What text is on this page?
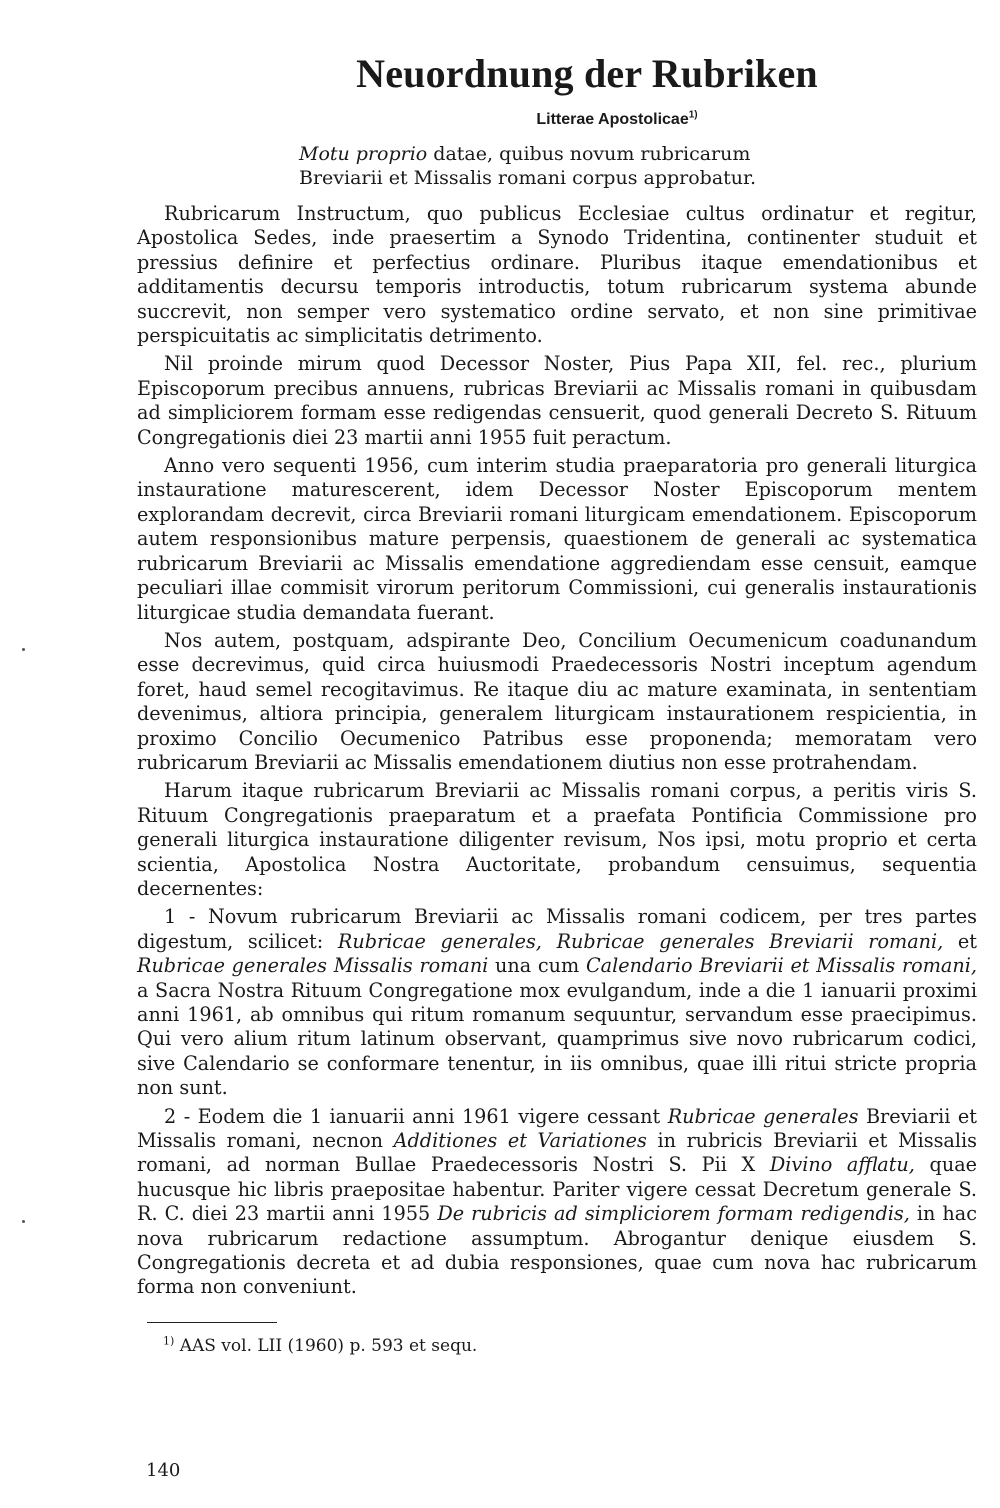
Neuordnung der Rubriken
Litterae Apostolicae$^{1)}$

Motu proprio datae, quibus novum rubricarum

Breviarii et Missalis romani corpus approbatur.

Rubricarum Instructum, quo publicus Ecclesiae cultus ordinatur et regitur, Apostolica Sedes, inde praesertim a Synodo Tridentina, continenter studuit et pressius definire et perfectius ordinare. Pluribus itaque emendationibus et additamentis decursu temporis introductis, totum rubricarum systema abunde succrevit, non semper vero systematico ordine servato, et non sine primitivae perspicuitatis ac simplicitatis detrimento.

Nil proinde mirum quod Decessor Noster, Pius Papa XII, fel. rec., plurium Episcoporum precibus annuens, rubricas Breviarii ac Missalis romani in quibusdam ad simpliciorem formam esse redigendas censuerit, quod generali Decreto S. Rituum Congregationis diei 23 martii anni 1955 fuit peractum.

Anno vero sequenti 1956, cum interim studia praeparatoria pro generali liturgica instauratione maturescerent, idem Decessor Noster Episcoporum mentem explorandam decrevit, circa Breviarii romani liturgicam emendationem. Episcoporum autem responsionibus mature perpensis, quaestionem de generali ac systematica rubricarum Breviarii ac Missalis emendatione aggrediendam esse censuit, eamque peculiari illae commisit virorum peritorum Commissioni, cui generalis instaurationis liturgicae studia demandata fuerant.

Nos autem, postquam, adspirante Deo, Concilium Oecumenicum coadunandum esse decrevimus, quid circa huiusmodi Praedecessoris Nostri inceptum agendum foret, haud semel recogitavimus. Re itaque diu ac mature examinata, in sententiam devenimus, altiora principia, generalem liturgicam instaurationem respicientia, in proximo Concilio Oecumenico Patribus esse proponenda; memoratam vero rubricarum Breviarii ac Missalis emendationem diutius non esse protrahendam.

Harum itaque rubricarum Breviarii ac Missalis romani corpus, a peritis viris S. Rituum Congregationis praeparatum et a praefata Pontificia Commissione pro generali liturgica instauratione diligenter revisum, Nos ipsi, motu proprio et certa scientia, Apostolica Nostra Auctoritate, probandum censuimus, sequentia decernentes:

1 - Novum rubricarum Breviarii ac Missalis romani codicem, per tres partes digestum, scilicet: Rubricae generales, Rubricae generales Breviarii romani, et Rubricae generales Missalis romani una cum Calendario Breviarii et Missalis romani, a Sacra Nostra Rituum Congregatione mox evulgandum, inde a die 1 ianuarii proximi anni 1961, ab omnibus qui ritum romanum sequuntur, servandum esse praecipimus. Qui vero alium ritum latinum observant, quamprimus sive novo rubricarum codici, sive Calendario se conformare tenentur, in iis omnibus, quae illi ritui stricte propria non sunt.

2 - Eodem die 1 ianuarii anni 1961 vigere cessant Rubricae generales Breviarii et Missalis romani, necnon Additiones et Variationes in rubricis Breviarii et Missalis romani, ad norman Bullae Praedecessoris Nostri S. Pii X Divino afflatu, quae hucusque hic libris praepositae habentur. Pariter vigere cessat Decretum generale S. R. C. diei 23 martii anni 1955 De rubricis ad simpliciorem formam redigendis, in hac nova rubricarum redactione assumptum. Abrogantur denique eiusdem S. Congregationis decreta et ad dubia responsiones, quae cum nova hac rubricarum forma non conveniunt.

$^{1)}$ AAS vol. LII (1960) p. 593 et sequ.
140
